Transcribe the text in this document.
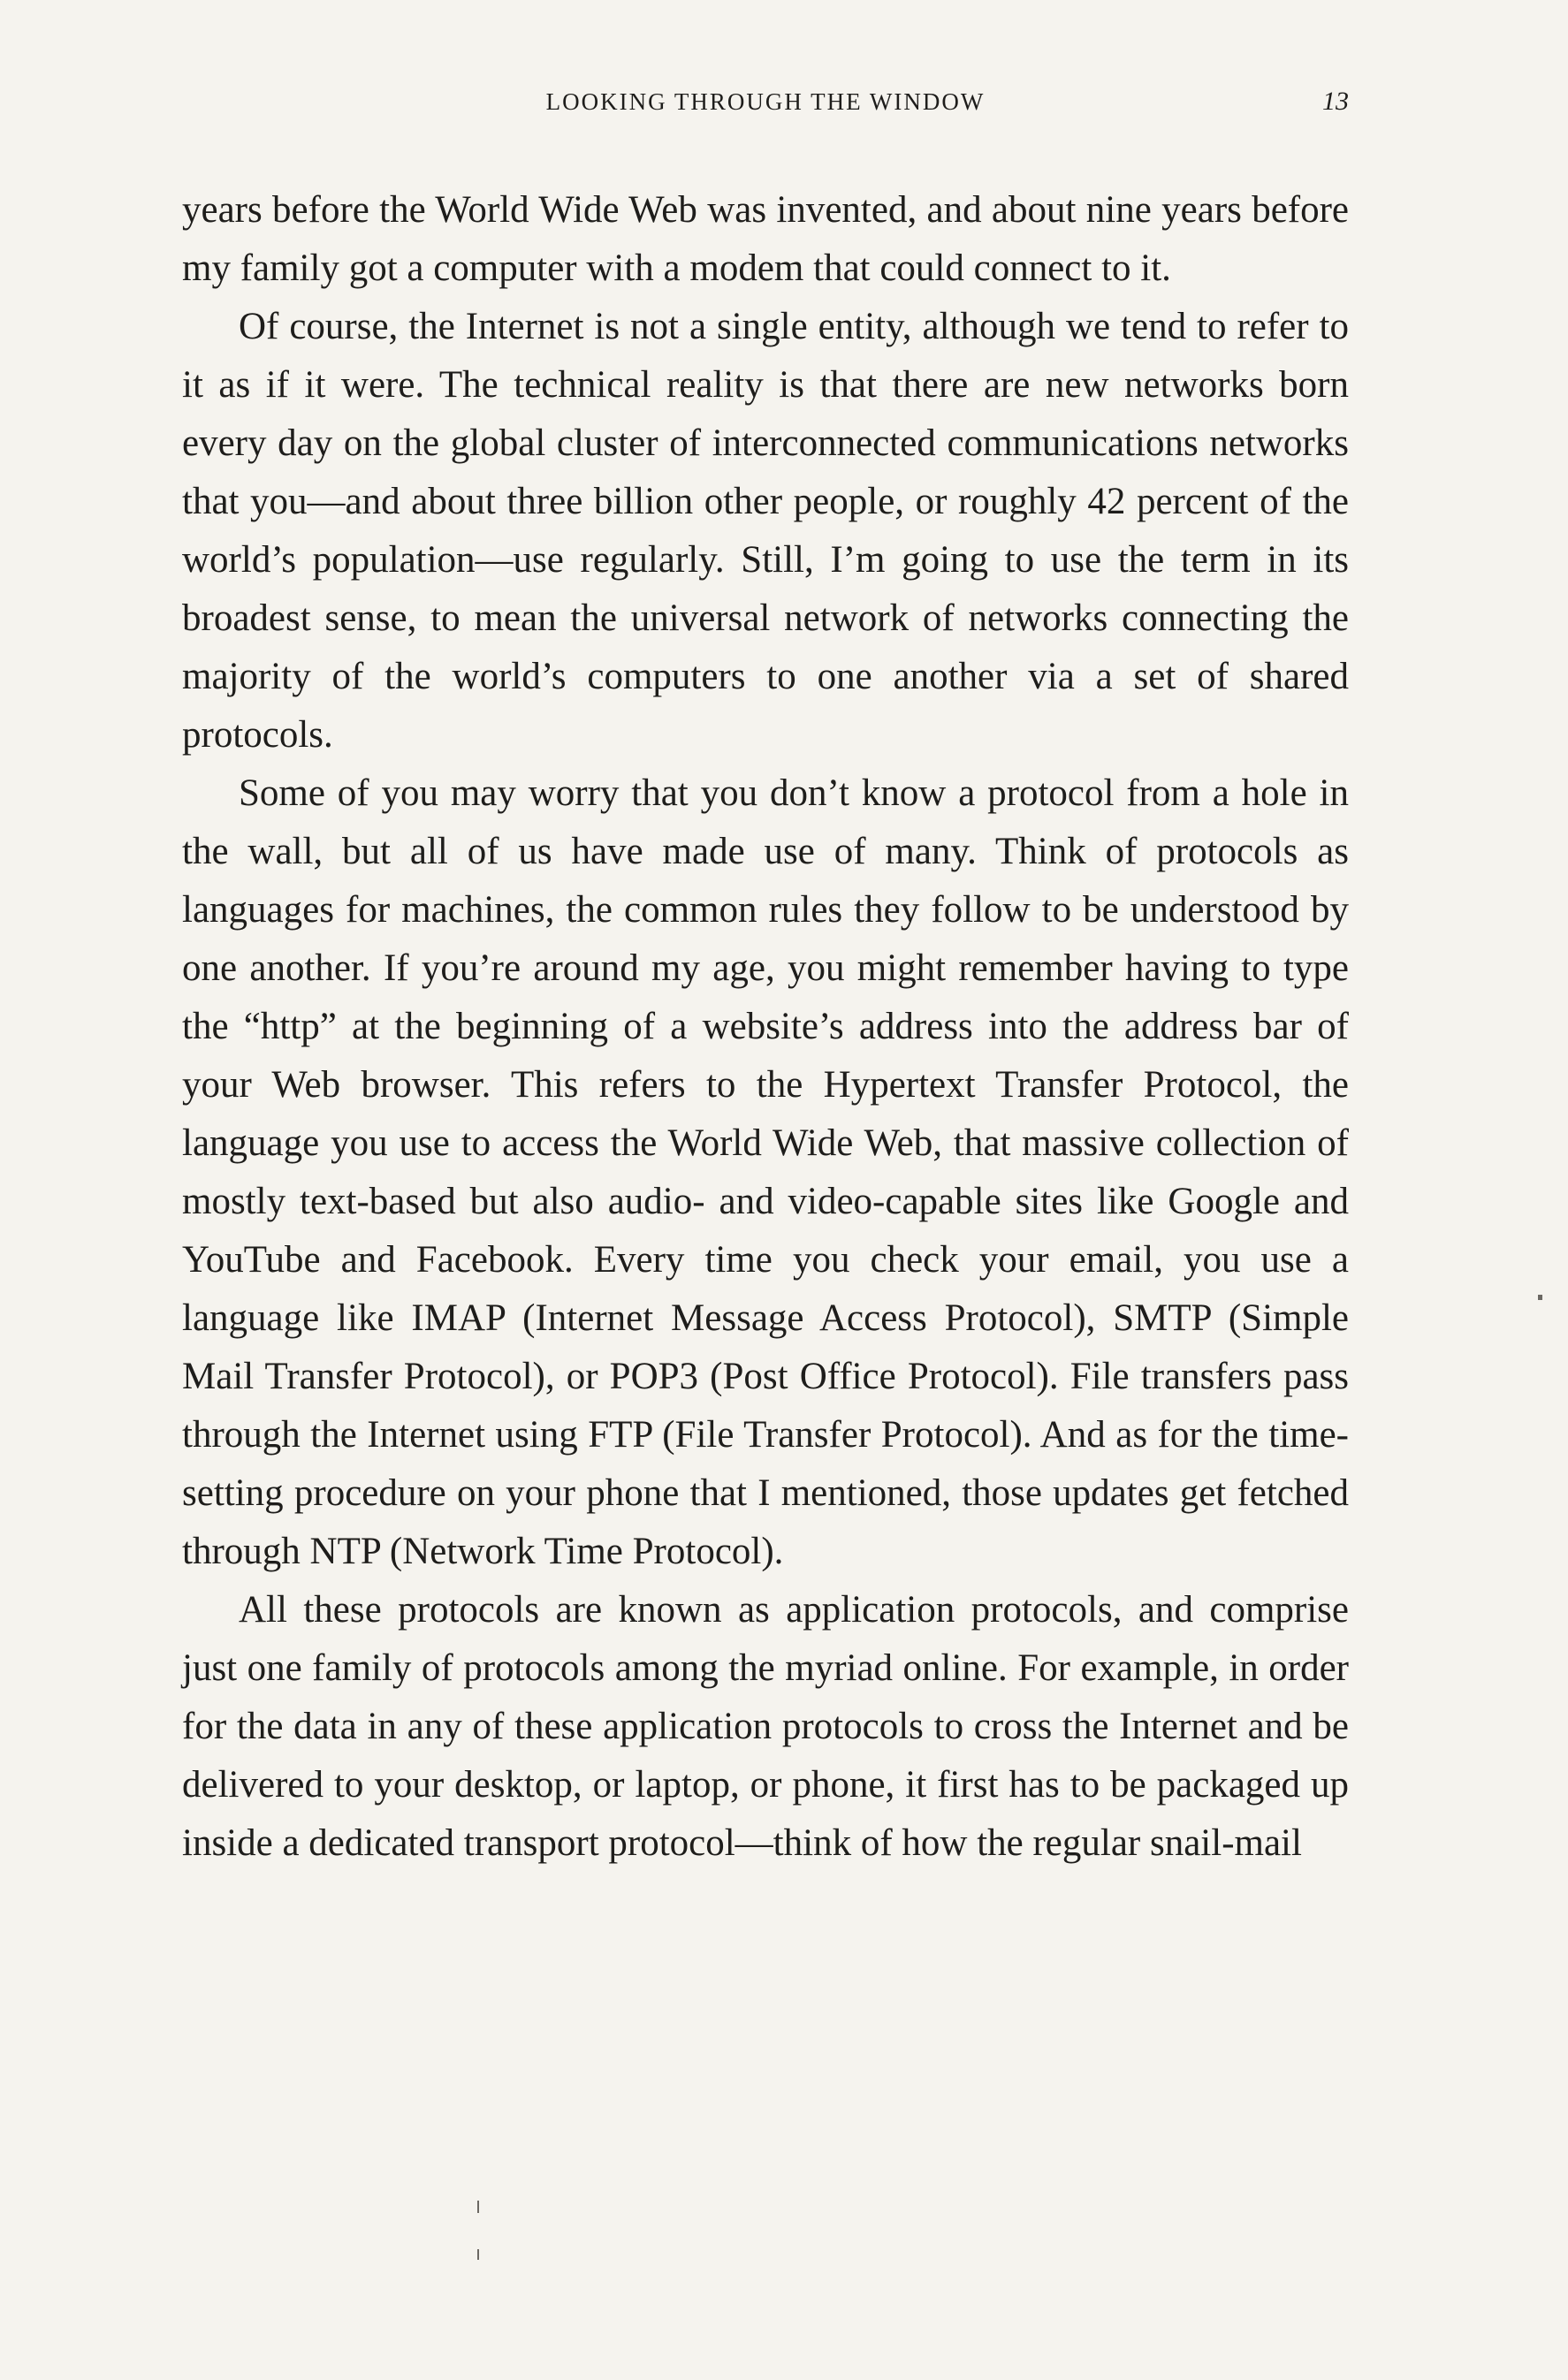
LOOKING THROUGH THE WINDOW	13

years before the World Wide Web was invented, and about nine years before my family got a computer with a modem that could connect to it.

Of course, the Internet is not a single entity, although we tend to refer to it as if it were. The technical reality is that there are new networks born every day on the global cluster of interconnected communications networks that you—and about three billion other people, or roughly 42 percent of the world’s population—use regularly. Still, I’m going to use the term in its broadest sense, to mean the universal network of networks connecting the majority of the world’s computers to one another via a set of shared protocols.

Some of you may worry that you don’t know a protocol from a hole in the wall, but all of us have made use of many. Think of protocols as languages for machines, the common rules they follow to be understood by one another. If you’re around my age, you might remember having to type the “http” at the beginning of a website’s address into the address bar of your Web browser. This refers to the Hypertext Transfer Protocol, the language you use to access the World Wide Web, that massive collection of mostly text-based but also audio- and video-capable sites like Google and YouTube and Facebook. Every time you check your email, you use a language like IMAP (Internet Message Access Protocol), SMTP (Simple Mail Transfer Protocol), or POP3 (Post Office Protocol). File transfers pass through the Internet using FTP (File Transfer Protocol). And as for the time-setting procedure on your phone that I mentioned, those updates get fetched through NTP (Network Time Protocol).

All these protocols are known as application protocols, and comprise just one family of protocols among the myriad online. For example, in order for the data in any of these application protocols to cross the Internet and be delivered to your desktop, or laptop, or phone, it first has to be packaged up inside a dedicated transport protocol—think of how the regular snail-mail
